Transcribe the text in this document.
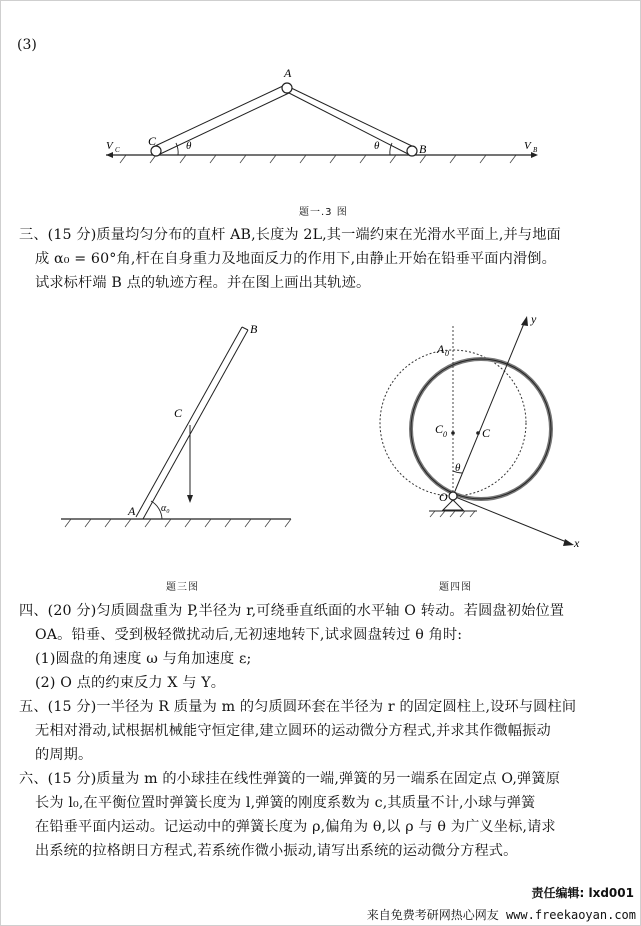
(3)
A
C
B
θ	θ
V C	V B
题一.3 图

三、(15 分)质量均匀分布的直杆 AB,长度为 2L,其一端约束在光滑水平面上,并与地面

成 α₀ = 60°角,杆在自身重力及地面反力的作用下,由静止开始在铅垂平面内滑倒。

试求标杆端 B 点的轨迹方程。并在图上画出其轨迹。

A
B
C
α₀
题三图
A 0
C 0	C
θ
O
x
y
题四图

四、(20 分)匀质圆盘重为 P,半径为 r,可绕垂直纸面的水平轴 O 转动。若圆盘初始位置

OA。铅垂、受到极轻微扰动后,无初速地转下,试求圆盘转过 θ 角时:

(1)圆盘的角速度 ω 与角加速度 ε;

(2) O 点的约束反力 X 与 Y。

五、(15 分)一半径为 R 质量为 m 的匀质圆环套在半径为 r 的固定圆柱上,设环与圆柱间

无相对滑动,试根据机械能守恒定律,建立圆环的运动微分方程式,并求其作微幅振动

的周期。

六、(15 分)质量为 m 的小球挂在线性弹簧的一端,弹簧的另一端系在固定点 O,弹簧原

长为 l₀,在平衡位置时弹簧长度为 l,弹簧的刚度系数为 c,其质量不计,小球与弹簧

在铅垂平面内运动。记运动中的弹簧长度为 ρ,偏角为 θ,以 ρ 与 θ 为广义坐标,请求

出系统的拉格朗日方程式,若系统作微小振动,请写出系统的运动微分方程式。

责任编辑: lxd001
来自免费考研网热心网友 www.freekaoyan.com
